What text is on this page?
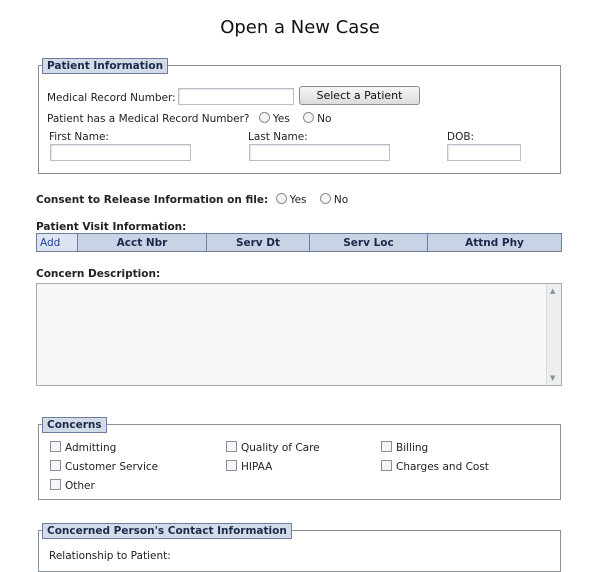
Open a New Case
Patient Information
Medical Record Number:	Select a Patient
Patient has a Medical Record Number? Yes	No
First Name:	Last Name:	DOB:
Consent to Release Information on file: Yes	No
Patient Visit Information:
Add	Acct Nbr	Serv Dt	Serv Loc	Attnd Phy
Concern Description:
▲
▼
Concerns
Admitting	Quality of Care	Billing
Customer Service	HIPAA	Charges and Cost
Other
Concerned Person's Contact Information
Relationship to Patient:
